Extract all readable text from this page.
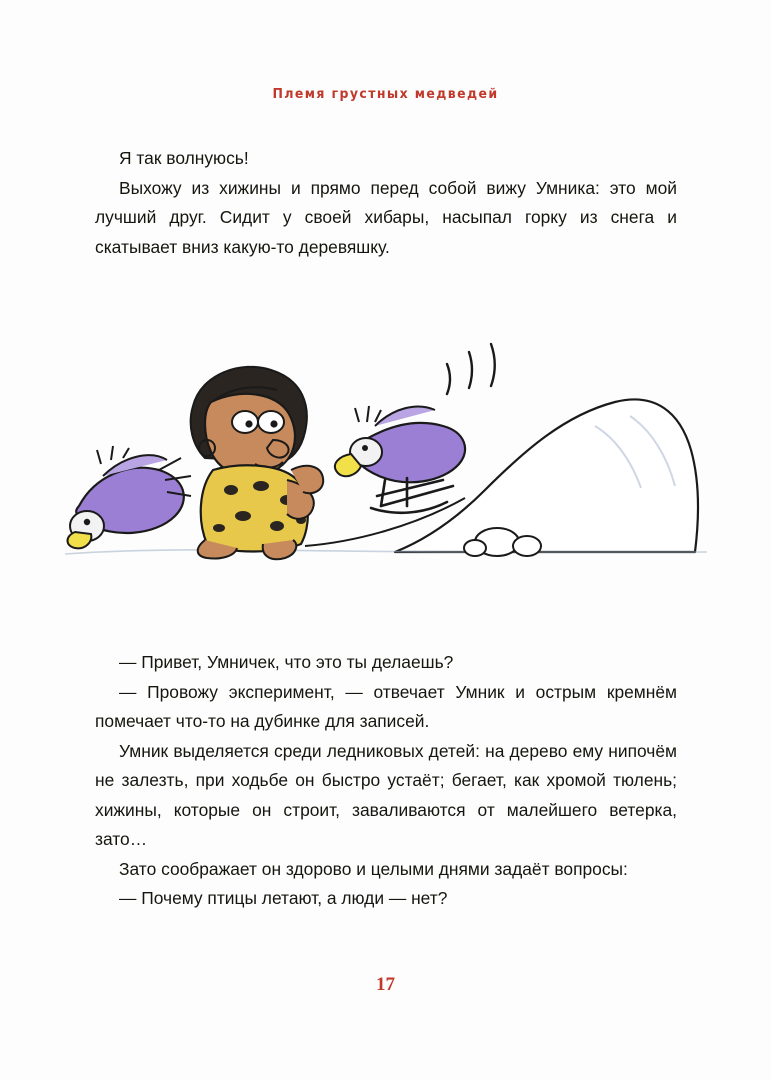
Племя грустных медведей

Я так волнуюсь!

Выхожу из хижины и прямо перед собой вижу Умника: это мой лучший друг. Сидит у своей хибары, насыпал горку из снега и скатывает вниз какую-то деревяшку.

— Привет, Умничек, что это ты делаешь?

— Провожу эксперимент, — отвечает Умник и острым кремнём помечает что-то на дубинке для записей.

Умник выделяется среди ледниковых детей: на дерево ему нипочём не залезть, при ходьбе он быстро устаёт; бегает, как хромой тюлень; хижины, которые он строит, заваливаются от малейшего ветерка, зато…

Зато соображает он здорово и целыми днями задаёт вопросы:

— Почему птицы летают, а люди — нет?

17
